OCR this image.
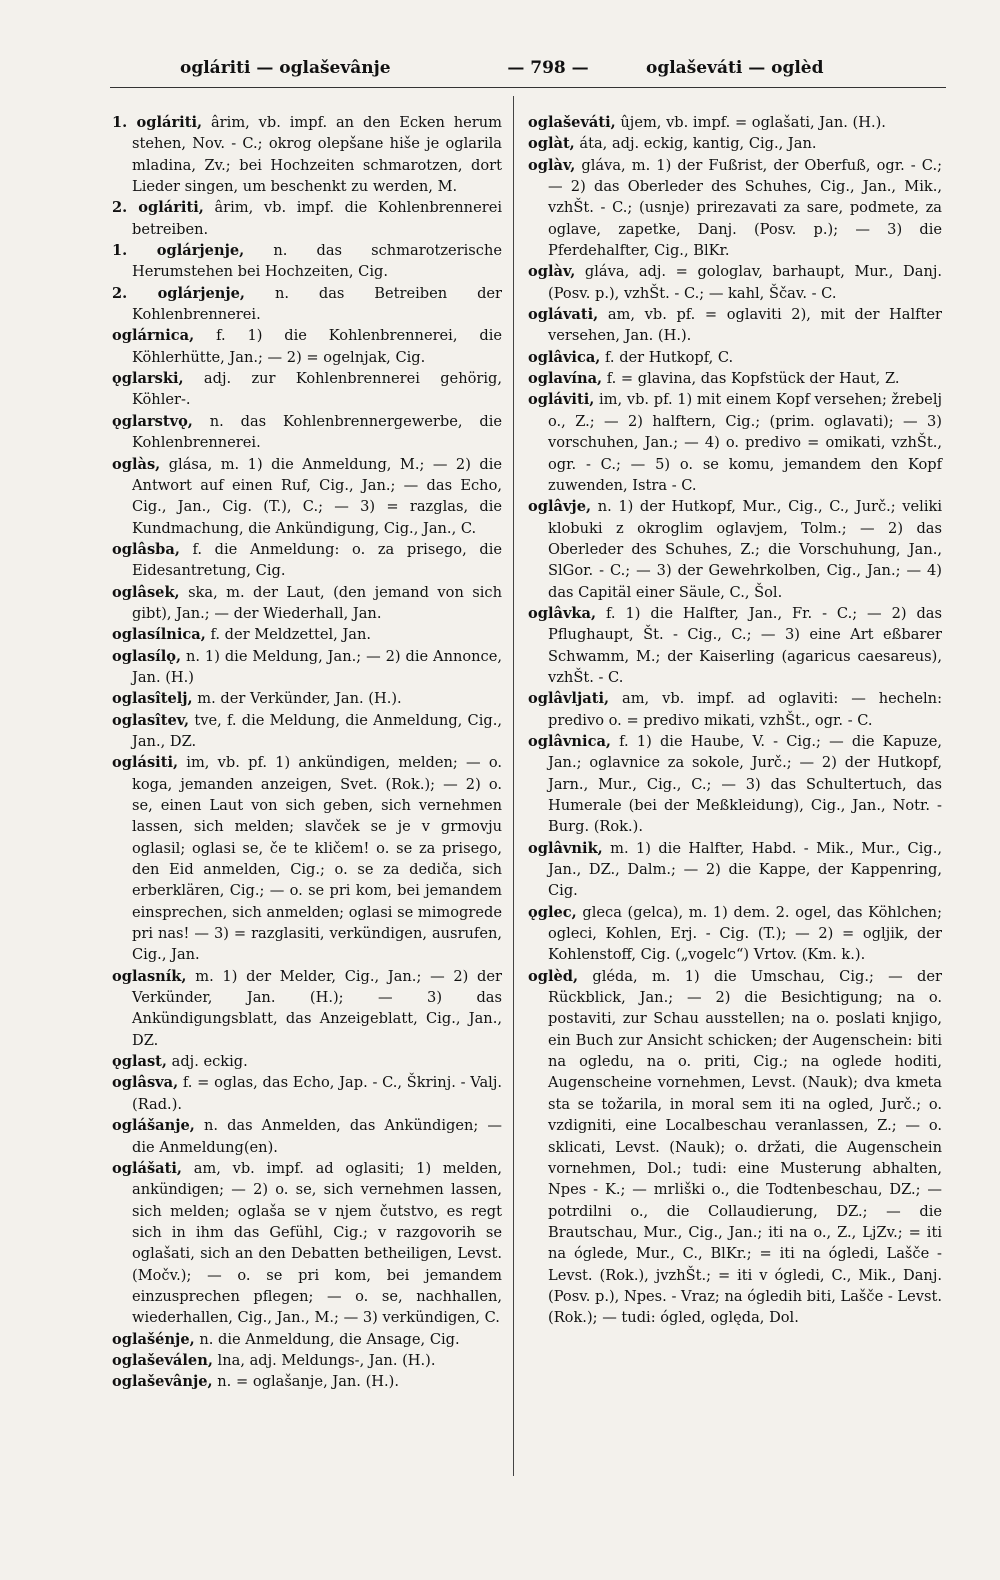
ogláriti — oglaševânje	— 798 —	oglaševáti — oglèd

1. ogláriti, ârim, vb. impf. an den Ecken herum stehen, Nov. - C.; okrog olepšane hiše je oglarila mladina, Zv.; bei Hochzeiten schmarotzen, dort Lieder singen, um beschenkt zu werden, M.

2. ogláriti, ârim, vb. impf. die Kohlenbrennerei betreiben.

1. oglárjenje, n. das schmarotzerische Herumstehen bei Hochzeiten, Cig.

2. oglárjenje, n. das Betreiben der Kohlenbrennerei.

oglárnica, f. 1) die Kohlenbrennerei, die Köhlerhütte, Jan.; — 2) = ogelnjak, Cig.

ǫglarski, adj. zur Kohlenbrennerei gehörig, Köhler-.

ǫglarstvǫ, n. das Kohlenbrennergewerbe, die Kohlenbrennerei.

oglàs, glása, m. 1) die Anmeldung, M.; — 2) die Antwort auf einen Ruf, Cig., Jan.; — das Echo, Cig., Jan., Cig. (T.), C.; — 3) = razglas, die Kundmachung, die Ankündigung, Cig., Jan., C.

oglâsba, f. die Anmeldung: o. za prisego, die Eidesantretung, Cig.

oglâsek, ska, m. der Laut, (den jemand von sich gibt), Jan.; — der Wiederhall, Jan.

oglasílnica, f. der Meldzettel, Jan.

oglasílǫ, n. 1) die Meldung, Jan.; — 2) die Annonce, Jan. (H.)

oglasîtelj, m. der Verkünder, Jan. (H.).

oglasîtev, tve, f. die Meldung, die Anmeldung, Cig., Jan., DZ.

oglásiti, im, vb. pf. 1) ankündigen, melden; — o. koga, jemanden anzeigen, Svet. (Rok.); — 2) o. se, einen Laut von sich geben, sich vernehmen lassen, sich melden; slavček se je v grmovju oglasil; oglasi se, če te kličem! o. se za prisego, den Eid anmelden, Cig.; o. se za dediča, sich erberklären, Cig.; — o. se pri kom, bei jemandem einsprechen, sich anmelden; oglasi se mimogrede pri nas! — 3) = razglasiti, verkündigen, ausrufen, Cig., Jan.

oglasník, m. 1) der Melder, Cig., Jan.; — 2) der Verkünder, Jan. (H.); — 3) das Ankündigungsblatt, das Anzeigeblatt, Cig., Jan., DZ.

ǫglast, adj. eckig.

oglâsva, f. = oglas, das Echo, Jap. - C., Škrinj. - Valj. (Rad.).

oglášanje, n. das Anmelden, das Ankündigen; — die Anmeldung(en).

oglášati, am, vb. impf. ad oglasiti; 1) melden, ankündigen; — 2) o. se, sich vernehmen lassen, sich melden; oglaša se v njem čutstvo, es regt sich in ihm das Gefühl, Cig.; v razgovorih se oglašati, sich an den Debatten betheiligen, Levst. (Močv.); — o. se pri kom, bei jemandem einzusprechen pflegen; — o. se, nachhallen, wiederhallen, Cig., Jan., M.; — 3) verkündigen, C.

oglašénje, n. die Anmeldung, die Ansage, Cig.

oglaševálen, lna, adj. Meldungs-, Jan. (H.).

oglaševânje, n. = oglašanje, Jan. (H.).

oglaševáti, ûjem, vb. impf. = oglašati, Jan. (H.).

oglàt, áta, adj. eckig, kantig, Cig., Jan.

oglàv, gláva, m. 1) der Fußrist, der Oberfuß, ogr. - C.; — 2) das Oberleder des Schuhes, Cig., Jan., Mik., vzhŠt. - C.; (usnje) prirezavati za sare, podmete, za oglave, zapetke, Danj. (Posv. p.); — 3) die Pferdehalfter, Cig., BlKr.

oglàv, gláva, adj. = gologlav, barhaupt, Mur., Danj. (Posv. p.), vzhŠt. - C.; — kahl, Ščav. - C.

oglávati, am, vb. pf. = oglaviti 2), mit der Halfter versehen, Jan. (H.).

oglâvica, f. der Hutkopf, C.

oglavína, f. = glavina, das Kopfstück der Haut, Z.

ogláviti, im, vb. pf. 1) mit einem Kopf versehen; žrebelj o., Z.; — 2) halftern, Cig.; (prim. oglavati); — 3) vorschuhen, Jan.; — 4) o. predivo = omikati, vzhŠt., ogr. - C.; — 5) o. se komu, jemandem den Kopf zuwenden, Istra - C.

oglâvje, n. 1) der Hutkopf, Mur., Cig., C., Jurč.; veliki klobuki z okroglim oglavjem, Tolm.; — 2) das Oberleder des Schuhes, Z.; die Vorschuhung, Jan., SlGor. - C.; — 3) der Gewehrkolben, Cig., Jan.; — 4) das Capitäl einer Säule, C., Šol.

oglâvka, f. 1) die Halfter, Jan., Fr. - C.; — 2) das Pflughaupt, Št. - Cig., C.; — 3) eine Art eßbarer Schwamm, M.; der Kaiserling (agaricus caesareus), vzhŠt. - C.

oglâvljati, am, vb. impf. ad oglaviti: — hecheln: predivo o. = predivo mikati, vzhŠt., ogr. - C.

oglâvnica, f. 1) die Haube, V. - Cig.; — die Kapuze, Jan.; oglavnice za sokole, Jurč.; — 2) der Hutkopf, Jarn., Mur., Cig., C.; — 3) das Schultertuch, das Humerale (bei der Meßkleidung), Cig., Jan., Notr. - Burg. (Rok.).

oglâvnik, m. 1) die Halfter, Habd. - Mik., Mur., Cig., Jan., DZ., Dalm.; — 2) die Kappe, der Kappenring, Cig.

ǫglec, gleca (gelca), m. 1) dem. 2. ogel, das Köhlchen; oglеci, Kohlen, Erj. - Cig. (T.); — 2) = ogljik, der Kohlenstoff, Cig. („vogelc“) Vrtov. (Km. k.).

oglèd, gléda, m. 1) die Umschau, Cig.; — der Rückblick, Jan.; — 2) die Besichtigung; na o. postaviti, zur Schau ausstellen; na o. poslati knjigo, ein Buch zur Ansicht schicken; der Augenschein: biti na ogledu, na o. priti, Cig.; na oglede hoditi, Augenscheine vornehmen, Levst. (Nauk); dva kmeta sta se tožarila, in moral sem iti na ogled, Jurč.; o. vzdigniti, eine Localbeschau veranlassen, Z.; — o. sklicati, Levst. (Nauk); o. držati, die Augenschein vornehmen, Dol.; tudi: eine Musterung abhalten, Npes - K.; — mrliški o., die Todtenbeschau, DZ.; — potrdilni o., die Collaudierung, DZ.; — die Brautschau, Mur., Cig., Jan.; iti na o., Z., LjZv.; = iti na óglede, Mur., C., BlKr.; = iti na ógledi, Lašče - Levst. (Rok.), jvzhŠt.; = iti v ógledi, C., Mik., Danj. (Posv. p.), Npes. - Vraz; na ógledih biti, Lašče - Levst. (Rok.); — tudi: ógled, oględa, Dol.
